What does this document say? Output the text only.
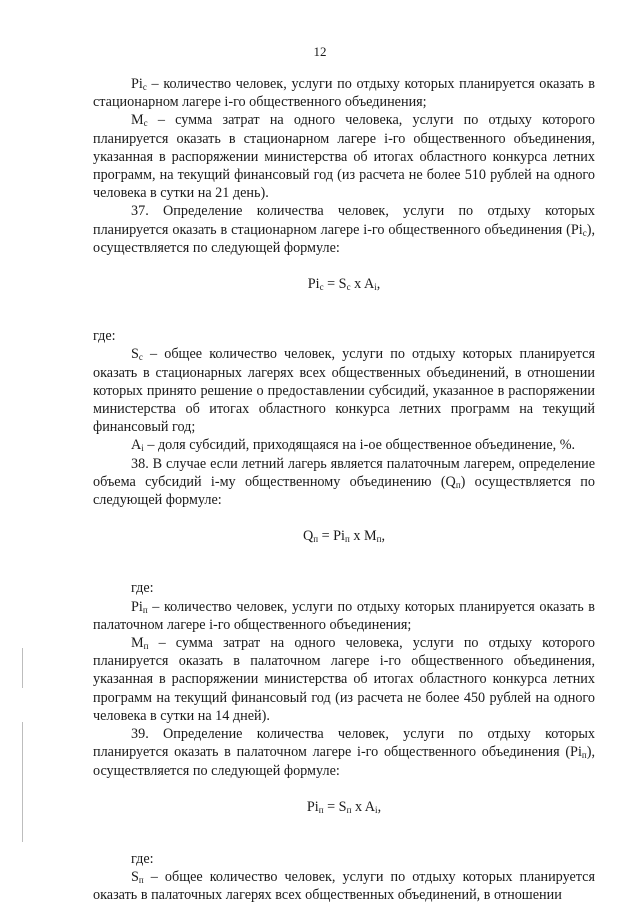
12

$Pi_c$ – количество человек, услуги по отдыху которых планируется оказать в стационарном лагере i-го общественного объединения;

$M_c$ – сумма затрат на одного человека, услуги по отдыху которого планируется оказать в стационарном лагере i-го общественного объединения, указанная в распоряжении министерства об итогах областного конкурса летних программ, на текущий финансовый год (из расчета не более 510 рублей на одного человека в сутки на 21 день).

37. Определение количества человек, услуги по отдыху которых планируется оказать в стационарном лагере i-го общественного объединения $(Pi_c)$, осуществляется по следующей формуле:

$Pi_c = S_c$ x $A_i$,

где:

$S_c$ – общее количество человек, услуги по отдыху которых планируется оказать в стационарных лагерях всех общественных объединений, в отношении которых принято решение о предоставлении субсидий, указанное в распоряжении министерства об итогах областного конкурса летних программ на текущий финансовый год;

$A_i$ – доля субсидий, приходящаяся на i-ое общественное объединение, %.

38. В случае если летний лагерь является палаточным лагерем, определение объема субсидий i-му общественному объединению $(Q_п)$ осуществляется по следующей формуле:

$Q_п = Pi_п$ x $M_п$,

где:

$Pi_п$ – количество человек, услуги по отдыху которых планируется оказать в палаточном лагере i-го общественного объединения;

$M_п$ – сумма затрат на одного человека, услуги по отдыху которого планируется оказать в палаточном лагере i-го общественного объединения, указанная в распоряжении министерства об итогах областного конкурса летних программ на текущий финансовый год (из расчета не более 450 рублей на одного человека в сутки на 14 дней).

39. Определение количества человек, услуги по отдыху которых планируется оказать в палаточном лагере i-го общественного объединения $(Pi_п)$, осуществляется по следующей формуле:

$Pi_п = S_п$ x $A_i$,

где:

$S_п$ – общее количество человек, услуги по отдыху которых планируется оказать в палаточных лагерях всех общественных объединений, в отношении
